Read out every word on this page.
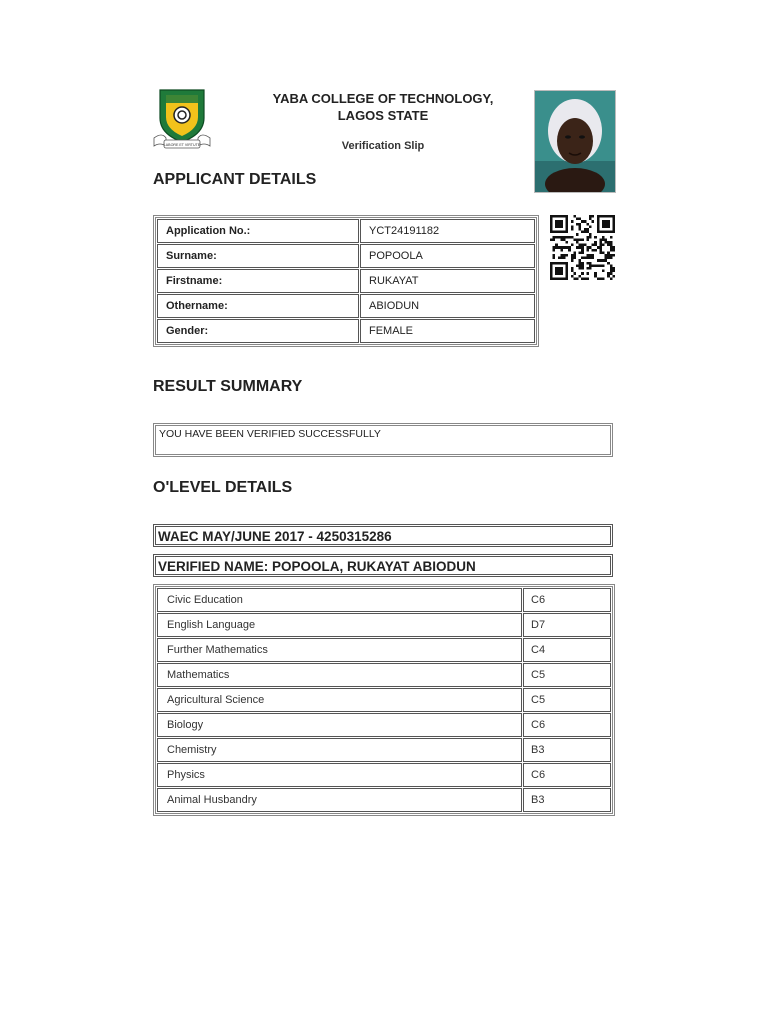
LABORE ET VIRTUTE
YABA COLLEGE OF TECHNOLOGY,
LAGOS STATE
Verification Slip
APPLICANT DETAILS
Application No.:	YCT24191182
Surname:	POPOOLA
Firstname:	RUKAYAT
Othername:	ABIODUN
Gender:	FEMALE
RESULT SUMMARY
YOU HAVE BEEN VERIFIED SUCCESSFULLY
O'LEVEL DETAILS
WAEC MAY/JUNE 2017 - 4250315286
VERIFIED NAME: POPOOLA, RUKAYAT ABIODUN
Civic Education	C6
English Language	D7
Further Mathematics	C4
Mathematics	C5
Agricultural Science	C5
Biology	C6
Chemistry	B3
Physics	C6
Animal Husbandry	B3
